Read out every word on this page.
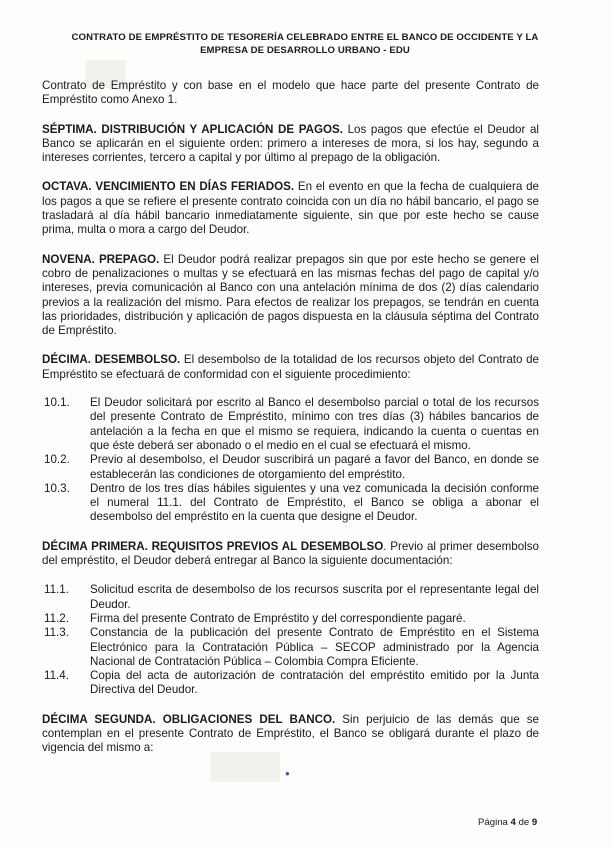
CONTRATO DE EMPRÉSTITO DE TESORERÍA CELEBRADO ENTRE EL BANCO DE OCCIDENTE Y LA
EMPRESA DE DESARROLLO URBANO - EDU

Contrato de Empréstito y con base en el modelo que hace parte del presente Contrato de Empréstito como Anexo 1.

SÉPTIMA. DISTRIBUCIÓN Y APLICACIÓN DE PAGOS. Los pagos que efectúe el Deudor al Banco se aplicarán en el siguiente orden: primero a intereses de mora, si los hay, segundo a intereses corrientes, tercero a capital y por último al prepago de la obligación.

OCTAVA. VENCIMIENTO EN DÍAS FERIADOS. En el evento en que la fecha de cualquiera de los pagos a que se refiere el presente contrato coincida con un día no hábil bancario, el pago se trasladará al día hábil bancario inmediatamente siguiente, sin que por este hecho se cause prima, multa o mora a cargo del Deudor.

NOVENA. PREPAGO. El Deudor podrá realizar prepagos sin que por este hecho se genere el cobro de penalizaciones o multas y se efectuará en las mismas fechas del pago de capital y/o intereses, previa comunicación al Banco con una antelación mínima de dos (2) días calendario previos a la realización del mismo. Para efectos de realizar los prepagos, se tendrán en cuenta las prioridades, distribución y aplicación de pagos dispuesta en la cláusula séptima del Contrato de Empréstito.

DÉCIMA. DESEMBOLSO. El desembolso de la totalidad de los recursos objeto del Contrato de Empréstito se efectuará de conformidad con el siguiente procedimiento:

10.1.	El Deudor solicitará por escrito al Banco el desembolso parcial o total de los recursos del presente Contrato de Empréstito, mínimo con tres días (3) hábiles bancarios de antelación a la fecha en que el mismo se requiera, indicando la cuenta o cuentas en que éste deberá ser abonado o el medio en el cual se efectuará el mismo.
10.2.	Previo al desembolso, el Deudor suscribirá un pagaré a favor del Banco, en donde se establecerán las condiciones de otorgamiento del empréstito.
10.3.	Dentro de los tres días hábiles siguientes y una vez comunicada la decisión conforme el numeral 11.1. del Contrato de Empréstito, el Banco se obliga a abonar el desembolso del empréstito en la cuenta que designe el Deudor.

DÉCIMA PRIMERA. REQUISITOS PREVIOS AL DESEMBOLSO. Previo al primer desembolso del empréstito, el Deudor deberá entregar al Banco la siguiente documentación:

11.1.	Solicitud escrita de desembolso de los recursos suscrita por el representante legal del Deudor.
11.2.	Firma del presente Contrato de Empréstito y del correspondiente pagaré.
11.3.	Constancia de la publicación del presente Contrato de Empréstito en el Sistema Electrónico para la Contratación Pública – SECOP administrado por la Agencia Nacional de Contratación Pública – Colombia Compra Eficiente.
11.4.	Copia del acta de autorización de contratación del empréstito emitido por la Junta Directiva del Deudor.

DÉCIMA SEGUNDA. OBLIGACIONES DEL BANCO. Sin perjuicio de las demás que se contemplan en el presente Contrato de Empréstito, el Banco se obligará durante el plazo de vigencia del mismo a:

●
Página 4 de 9
